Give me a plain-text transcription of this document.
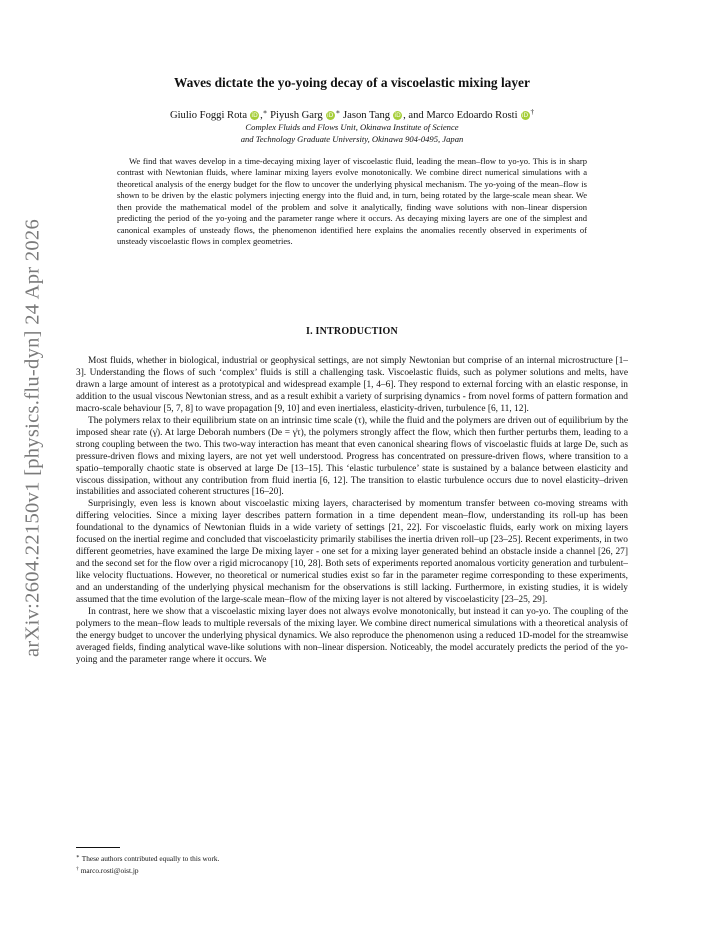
arXiv:2604.22150v1 [physics.flu-dyn] 24 Apr 2026
Waves dictate the yo-yoing decay of a viscoelastic mixing layer
Giulio Foggi Rota iD ,∗ Piyush Garg iD ∗ Jason Tang iD , and Marco Edoardo Rosti iD †
Complex Fluids and Flows Unit, Okinawa Institute of Science
and Technology Graduate University, Okinawa 904-0495, Japan

We find that waves develop in a time-decaying mixing layer of viscoelastic fluid, leading the mean–flow to yo-yo. This is in sharp contrast with Newtonian fluids, where laminar mixing layers evolve monotonically. We combine direct numerical simulations with a theoretical analysis of the energy budget for the flow to uncover the underlying physical mechanism. The yo-yoing of the mean–flow is shown to be driven by the elastic polymers injecting energy into the fluid and, in turn, being rotated by the large-scale mean shear. We then provide the mathematical model of the problem and solve it analytically, finding wave solutions with non–linear dispersion predicting the period of the yo-yoing and the parameter range where it occurs. As decaying mixing layers are one of the simplest and canonical examples of unsteady flows, the phenomenon identified here explains the anomalies recently observed in experiments of unsteady viscoelastic flows in complex geometries.

I. INTRODUCTION

Most fluids, whether in biological, industrial or geophysical settings, are not simply Newtonian but comprise of an internal microstructure [1–3]. Understanding the flows of such ‘complex’ fluids is still a challenging task. Viscoelastic fluids, such as polymer solutions and melts, have drawn a large amount of interest as a prototypical and widespread example [1, 4–6]. They respond to external forcing with an elastic response, in addition to the usual viscous Newtonian stress, and as a result exhibit a variety of surprising dynamics - from novel forms of pattern formation and macro-scale behaviour [5, 7, 8] to wave propagation [9, 10] and even inertialess, elasticity-driven, turbulence [6, 11, 12].

The polymers relax to their equilibrium state on an intrinsic time scale (τ), while the fluid and the polymers are driven out of equilibrium by the imposed shear rate (γ̇). At large Deborah numbers (De = γ̇τ), the polymers strongly affect the flow, which then further perturbs them, leading to a strong coupling between the two. This two-way interaction has meant that even canonical shearing flows of viscoelastic fluids at large De, such as pressure-driven flows and mixing layers, are not yet well understood. Progress has concentrated on pressure-driven flows, where transition to a spatio–temporally chaotic state is observed at large De [13–15]. This ‘elastic turbulence’ state is sustained by a balance between elasticity and viscous dissipation, without any contribution from fluid inertia [6, 12]. The transition to elastic turbulence occurs due to novel elasticity–driven instabilities and associated coherent structures [16–20].

Surprisingly, even less is known about viscoelastic mixing layers, characterised by momentum transfer between co-moving streams with differing velocities. Since a mixing layer describes pattern formation in a time dependent mean–flow, understanding its roll-up has been foundational to the dynamics of Newtonian fluids in a wide variety of settings [21, 22]. For viscoelastic fluids, early work on mixing layers focused on the inertial regime and concluded that viscoelasticity primarily stabilises the inertia driven roll–up [23–25]. Recent experiments, in two different geometries, have examined the large De mixing layer - one set for a mixing layer generated behind an obstacle inside a channel [26, 27] and the second set for the flow over a rigid microcanopy [10, 28]. Both sets of experiments reported anomalous vorticity generation and turbulent–like velocity fluctuations. However, no theoretical or numerical studies exist so far in the parameter regime corresponding to these experiments, and an understanding of the underlying physical mechanism for the observations is still lacking. Furthermore, in existing studies, it is widely assumed that the time evolution of the large-scale mean–flow of the mixing layer is not altered by viscoelasticity [23–25, 29].

In contrast, here we show that a viscoelastic mixing layer does not always evolve monotonically, but instead it can yo-yo. The coupling of the polymers to the mean–flow leads to multiple reversals of the mixing layer. We combine direct numerical simulations with a theoretical analysis of the energy budget to uncover the underlying physical dynamics. We also reproduce the phenomenon using a reduced 1D-model for the streamwise averaged fields, finding analytical wave-like solutions with non–linear dispersion. Noticeably, the model accurately predicts the period of the yo-yoing and the parameter range where it occurs. We

∗ These authors contributed equally to this work.
† marco.rosti@oist.jp
